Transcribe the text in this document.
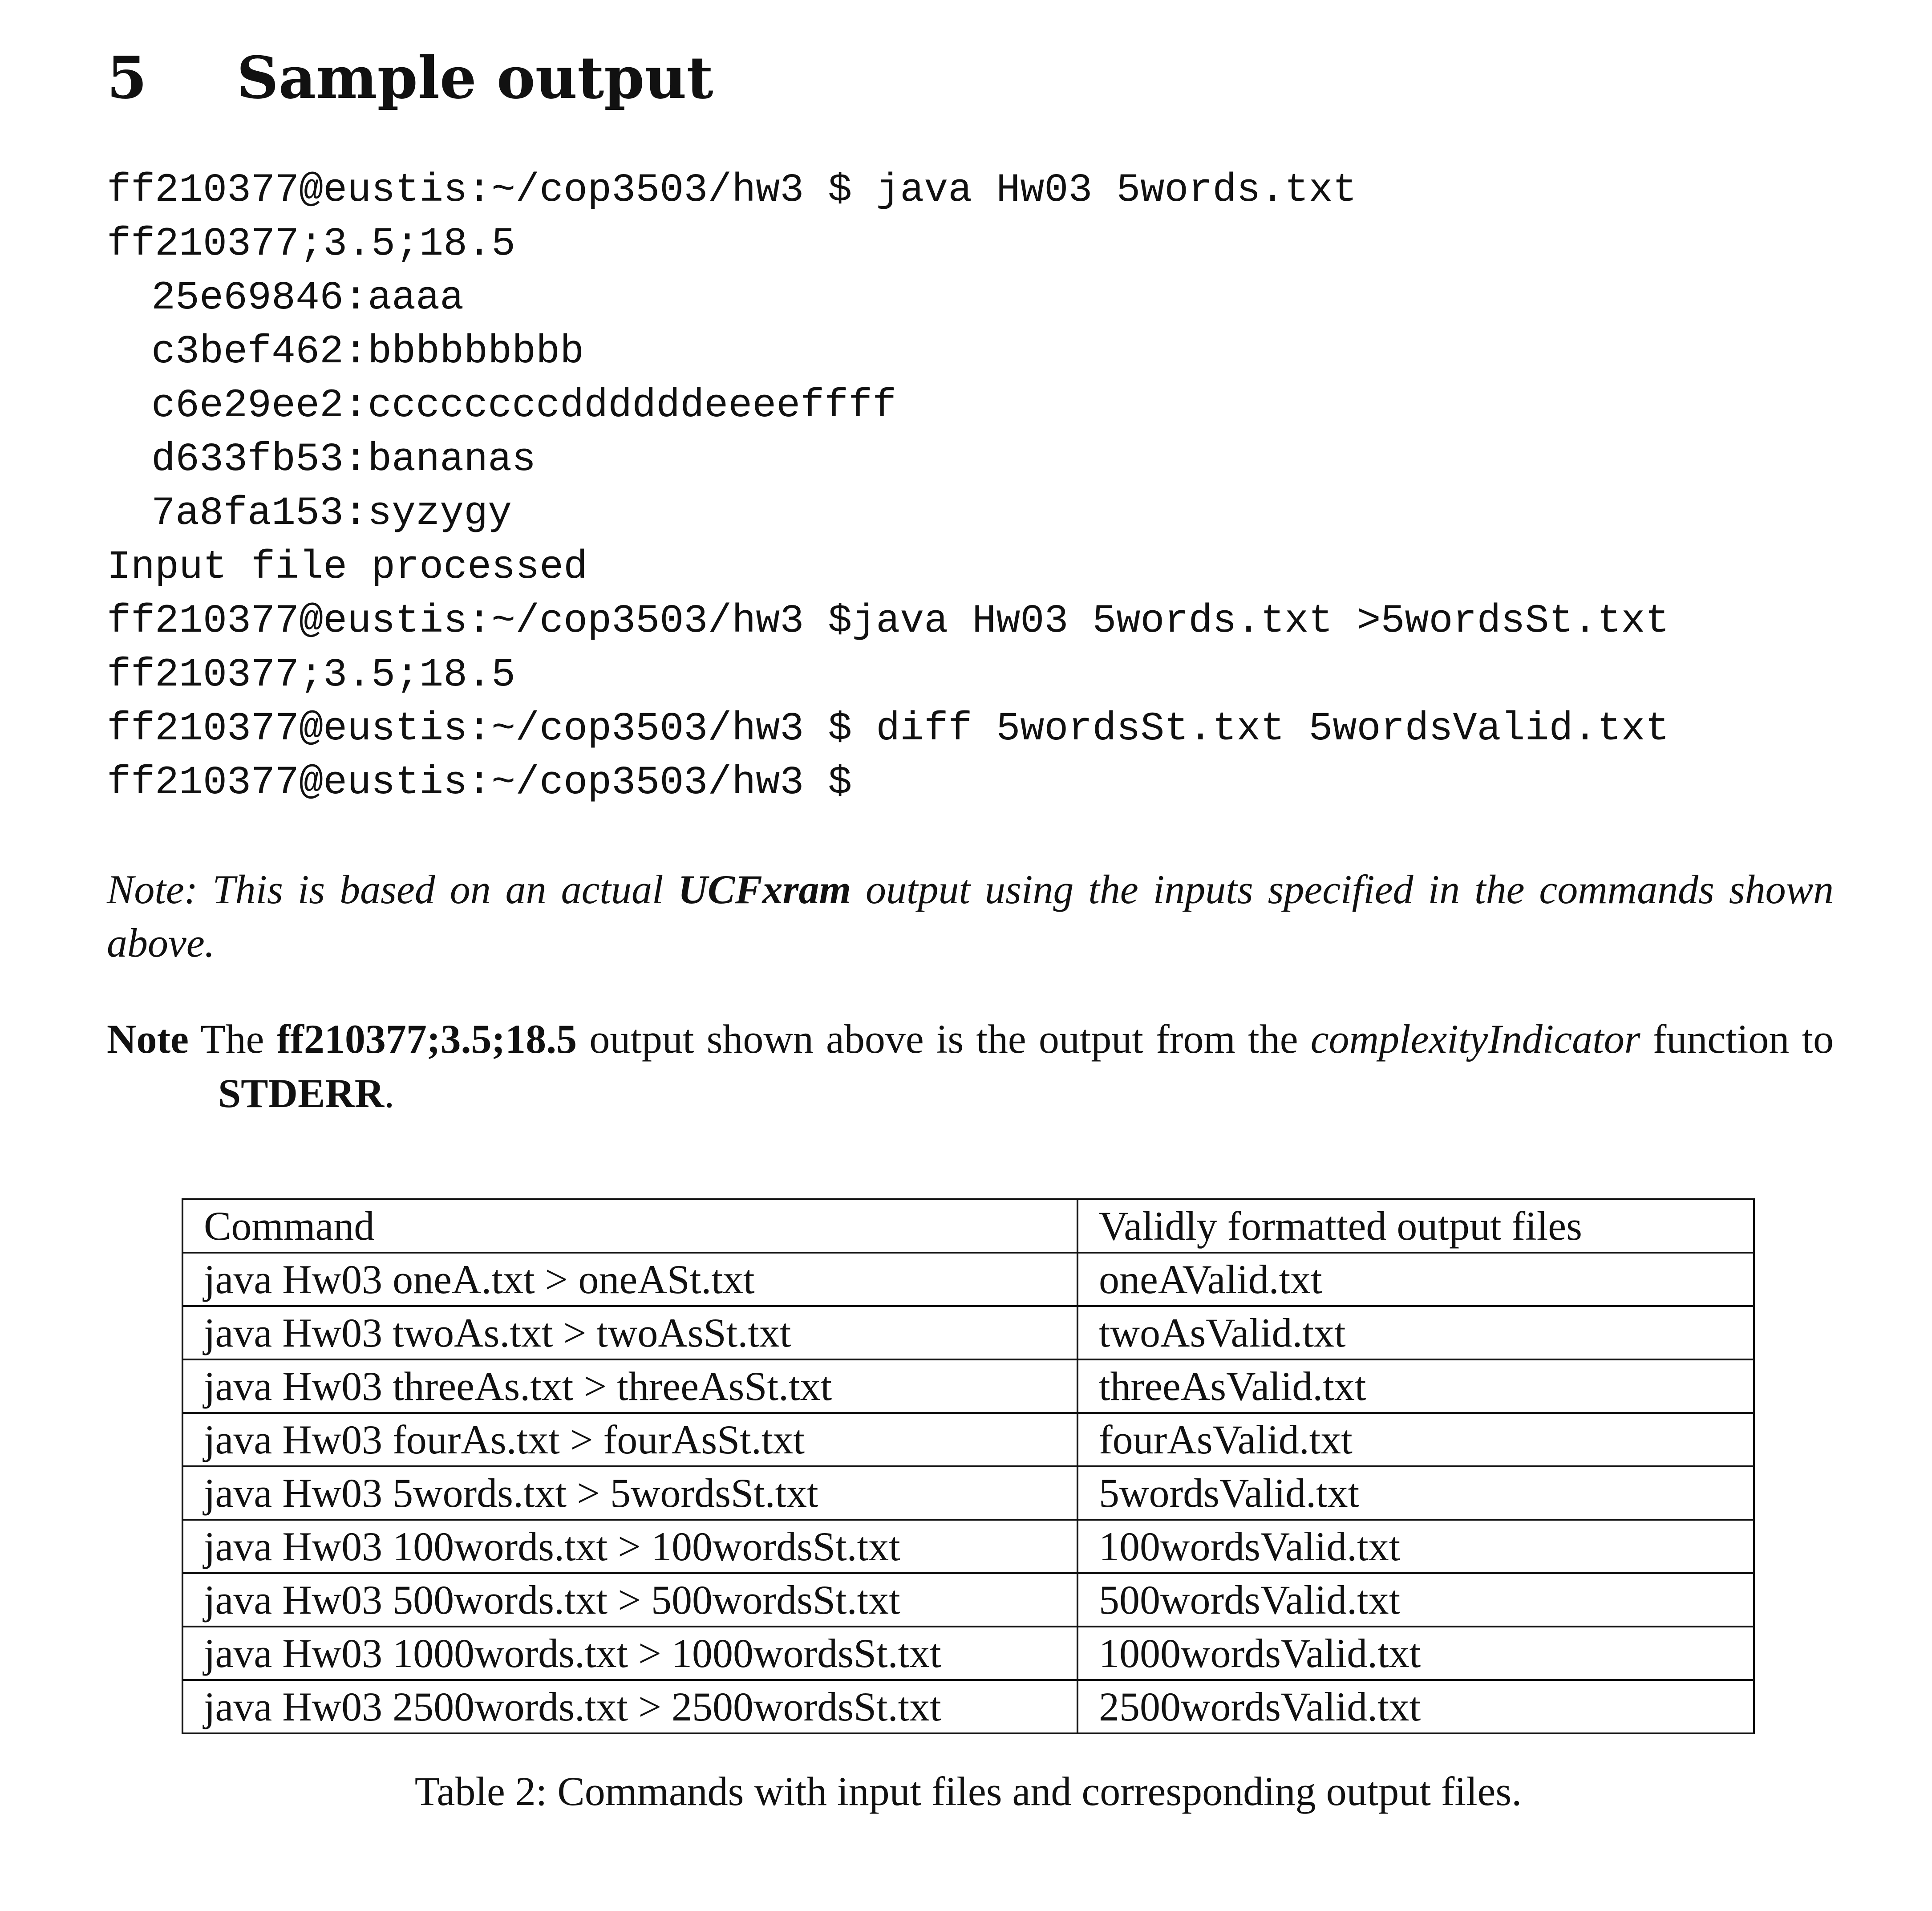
5 Sample output
ff210377@eustis:~/cop3503/hw3 $ java Hw03 5words.txt
ff210377;3.5;18.5
25e69846:aaaa
c3bef462:bbbbbbbbb
c6e29ee2:ccccccccddddddeeeeffff
d633fb53:bananas
7a8fa153:syzygy
Input file processed
ff210377@eustis:~/cop3503/hw3 $java Hw03 5words.txt >5wordsSt.txt
ff210377;3.5;18.5
ff210377@eustis:~/cop3503/hw3 $ diff 5wordsSt.txt 5wordsValid.txt
ff210377@eustis:~/cop3503/hw3 $

Note: This is based on an actual UCFxram output using the inputs specified in the commands shown above.

Note The ff210377;3.5;18.5 output shown above is the output from the complexityIndicator function to STDERR.

Command	Validly formatted output files
java Hw03 oneA.txt > oneASt.txt	oneAValid.txt
java Hw03 twoAs.txt > twoAsSt.txt	twoAsValid.txt
java Hw03 threeAs.txt > threeAsSt.txt	threeAsValid.txt
java Hw03 fourAs.txt > fourAsSt.txt	fourAsValid.txt
java Hw03 5words.txt > 5wordsSt.txt	5wordsValid.txt
java Hw03 100words.txt > 100wordsSt.txt	100wordsValid.txt
java Hw03 500words.txt > 500wordsSt.txt	500wordsValid.txt
java Hw03 1000words.txt > 1000wordsSt.txt	1000wordsValid.txt
java Hw03 2500words.txt > 2500wordsSt.txt	2500wordsValid.txt
Table 2: Commands with input files and corresponding output files.
